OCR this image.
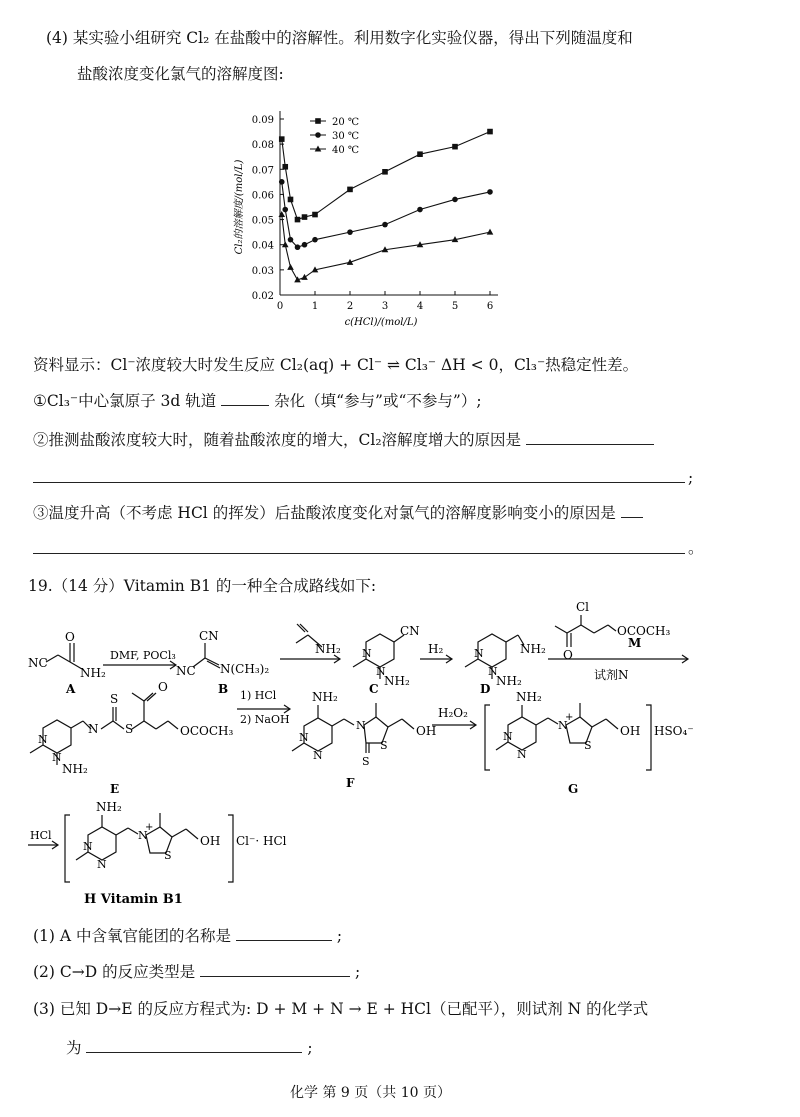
(4) 某实验小组研究 Cl₂ 在盐酸中的溶解性。利用数字化实验仪器，得出下列随温度和
盐酸浓度变化氯气的溶解度图:
0.02
0.03
0.04
0.05
0.06
0.07
0.08
0.09
0	1	2	3	4	5	6
c(HCl)/(mol/L)
Cl₂的溶解度/(mol/L)
20 ℃
30 ℃
40 ℃
资料显示：Cl⁻浓度较大时发生反应 Cl₂(aq) + Cl⁻ ⇌ Cl₃⁻ ΔH < 0，Cl₃⁻热稳定性差。
①Cl₃⁻中心氯原子 3d 轨道	杂化（填“参与”或“不参与”）;
②推测盐酸浓度较大时，随着盐酸浓度的增大，Cl₂溶解度增大的原因是
;
③温度升高（不考虑 HCl 的挥发）后盐酸浓度变化对氯气的溶解度影响变小的原因是
。
19.（14 分）Vitamin B1 的一种全合成路线如下:
NC
O
NH₂
A
DMF, POCl₃
NC
CN
N(CH₃)₂
B
NH₂
CN
NH₂
N
N
C
H₂	NH₂
NH₂
N
N
D
Cl
O
OCOCH₃
M
试剂N
N
N
NH₂
N
S
S
O
OCOCH₃
E
1) HCl
2) NaOH
NH₂
N
N
N
S
S
OH
F
H₂O₂
NH₂
N
N
N
+
S
OH HSO₄⁻
G
HCl
NH₂
N
N
N
+
S
OH Cl⁻· HCl
H Vitamin B1
(1) A 中含氧官能团的名称是	;
(2) C→D 的反应类型是	;
(3) 已知 D→E 的反应方程式为: D + M + N → E + HCl（已配平），则试剂 N 的化学式
为	;
化学 第 9 页（共 10 页）
